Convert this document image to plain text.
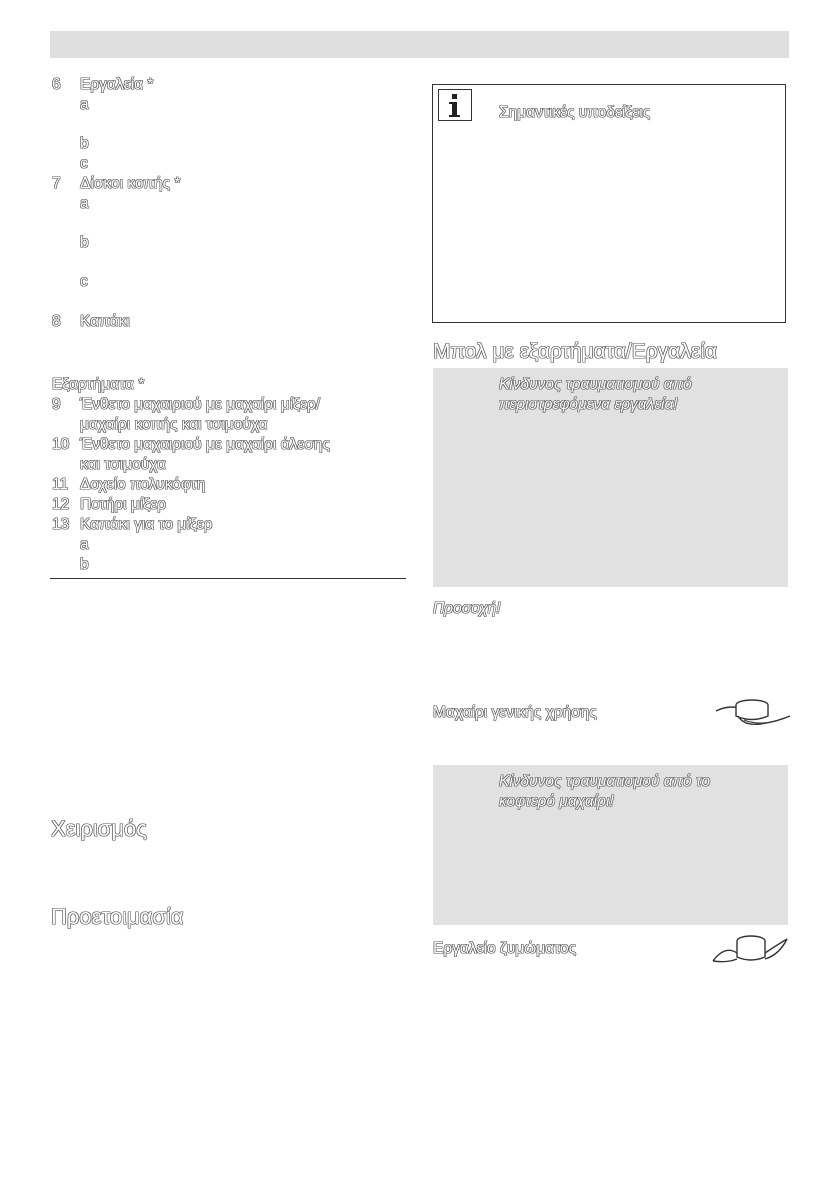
6 Εργαλεία *
a
b
c
7 Δίσκοι κοπής *
a
b
c
8 Καπάκι
Εξαρτήματα *
9 Ένθετο μαχαιριού με μαχαίρι μίξερ/
μαχαίρι κοπής και τσιμούχα
10 Ένθετο μαχαιριού με μαχαίρι άλεσης
και τσιμούχα
11 Δοχείο πολυκόφτη
12 Ποτήρι μίξερ
13 Καπάκι για το μίξερ
a
b
Χειρισμός
Προετοιμασία
Σημαντικές υποδείξεις
Μπολ με εξαρτήματα/Εργαλεία
Κίνδυνος τραυματισμού από
περιστρεφόμενα εργαλεία!
Προσοχή!
Μαχαίρι γενικής χρήσης
Κίνδυνος τραυματισμού από το
κοφτερό μαχαίρι!
Εργαλείο ζυμώματος
